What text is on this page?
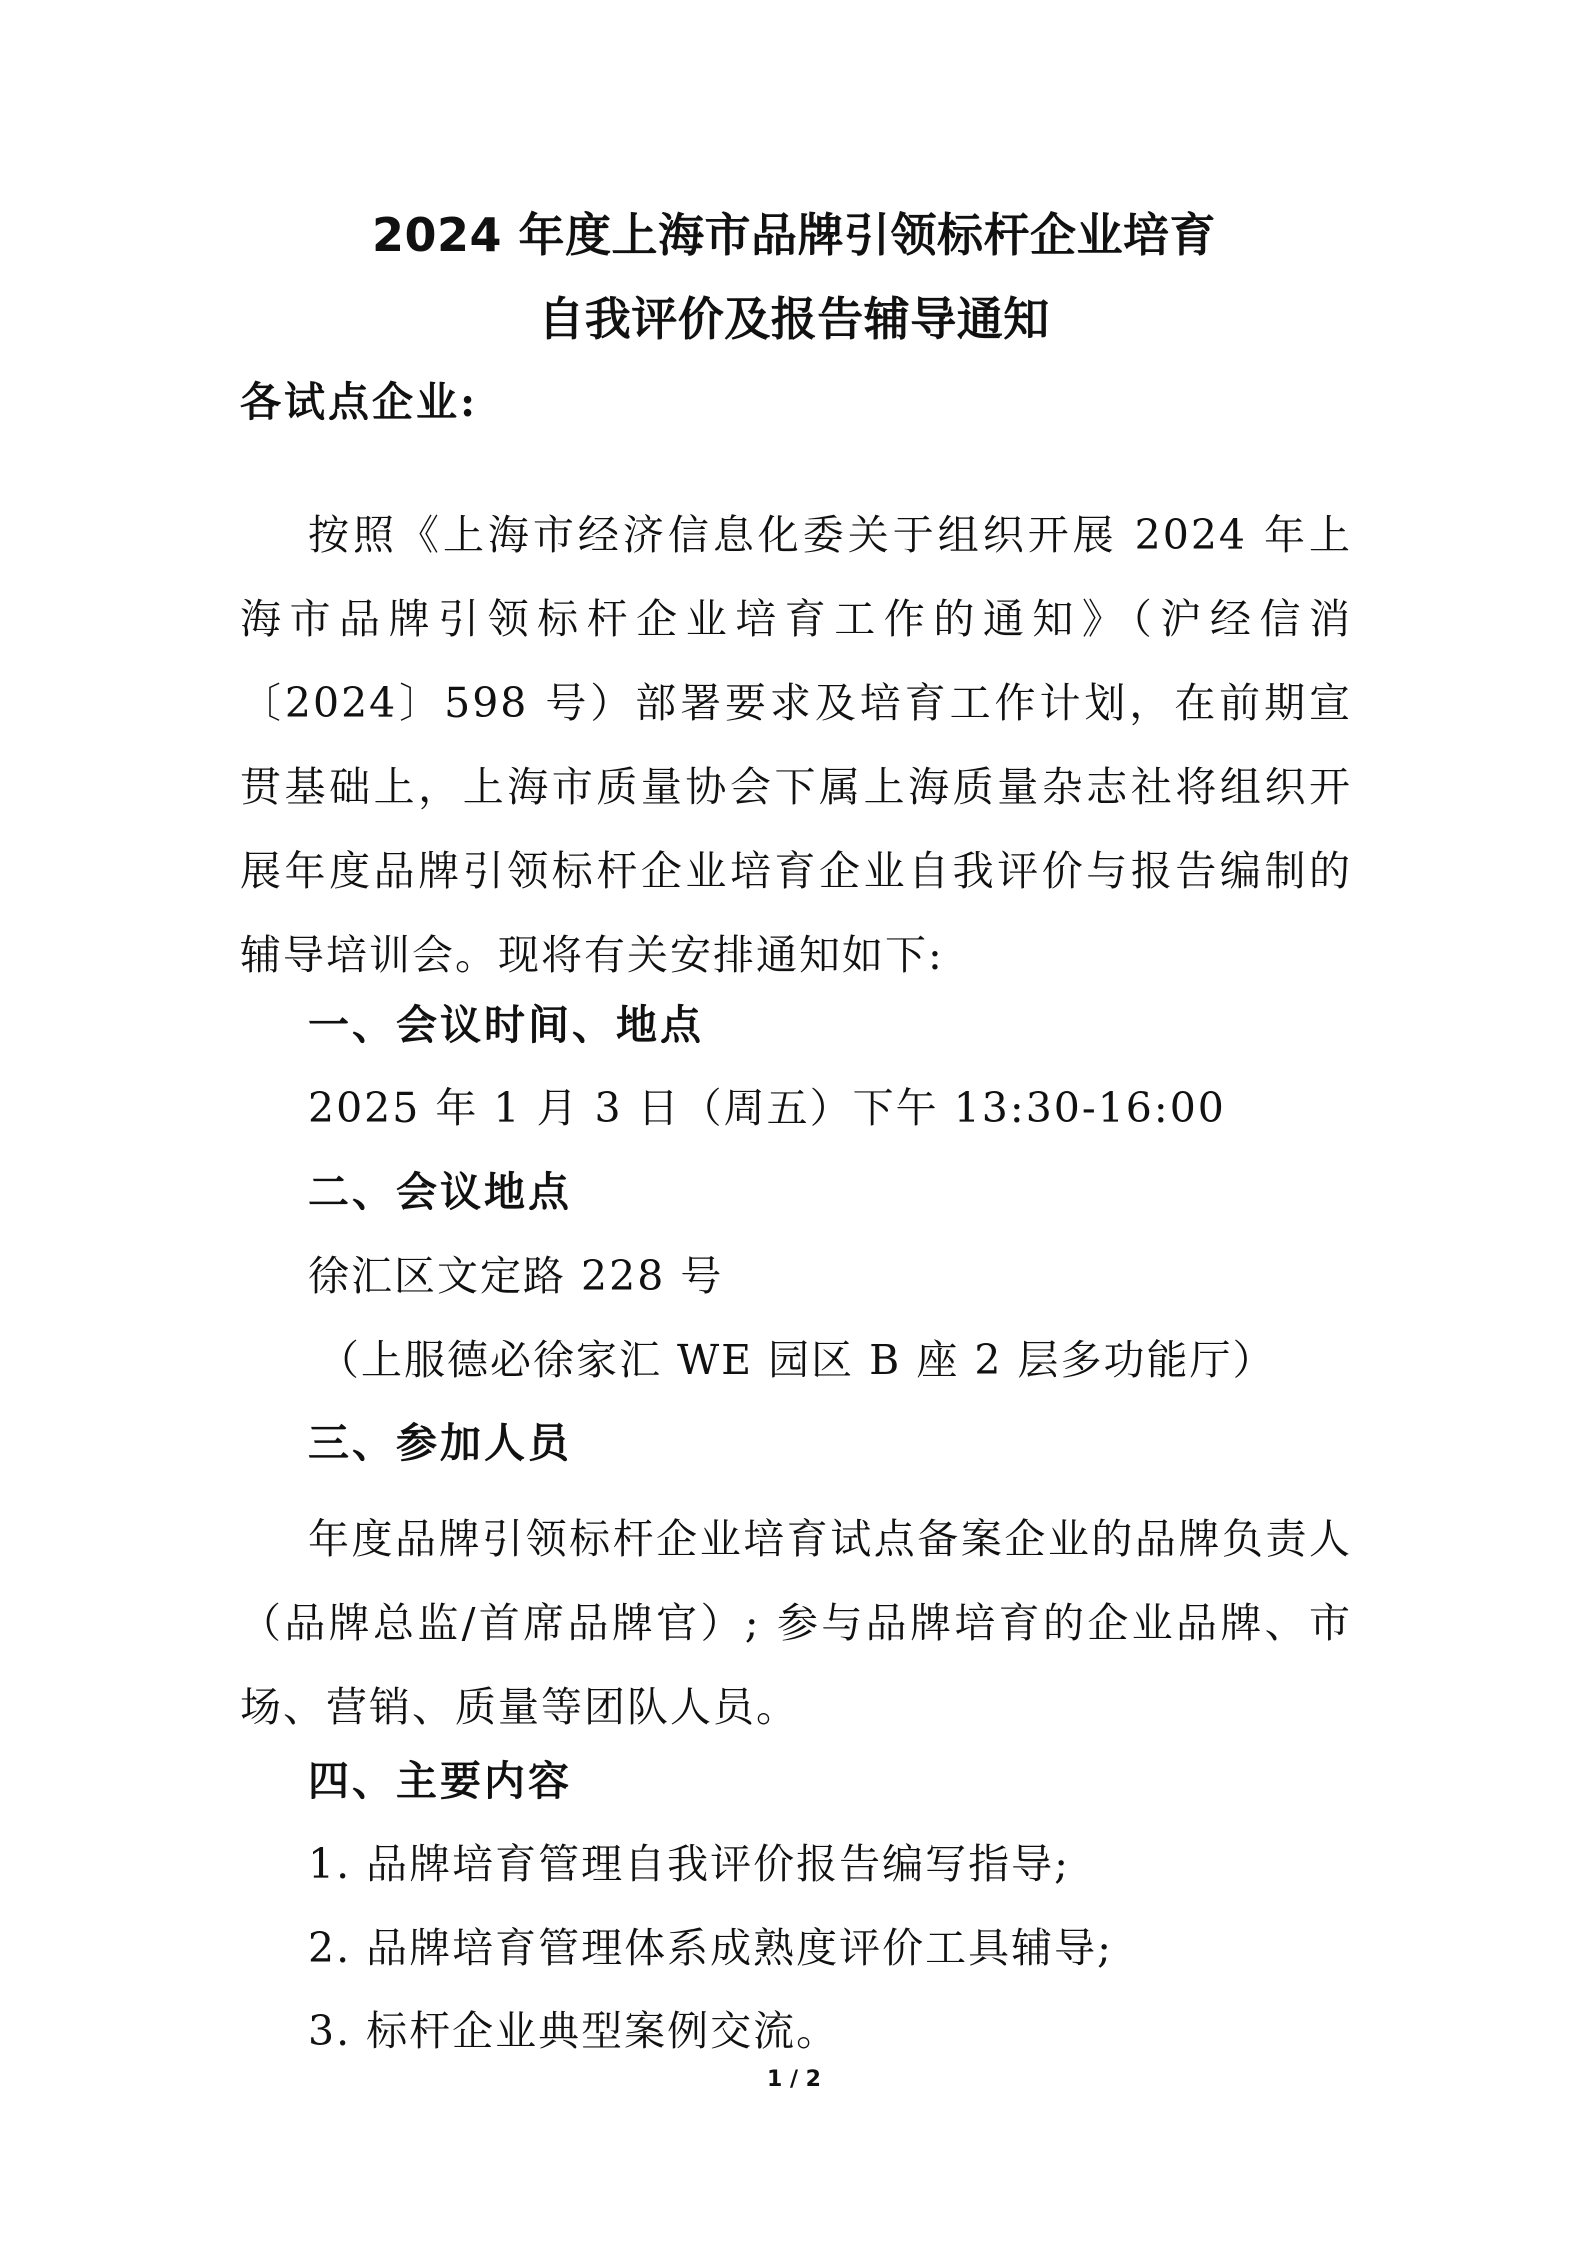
2024 年度上海市品牌引领标杆企业培育
自我评价及报告辅导通知

各试点企业:

按照《上海市经济信息化委关于组织开展 2024 年上海市品牌引领标杆企业培育工作的通知》（沪经信消〔2024〕598 号）部署要求及培育工作计划，在前期宣贯基础上，上海市质量协会下属上海质量杂志社将组织开展年度品牌引领标杆企业培育企业自我评价与报告编制的辅导培训会。现将有关安排通知如下:

一、会议时间、地点

2025 年 1 月 3 日（周五）下午 13:30-16:00

二、会议地点

徐汇区文定路 228 号

（上服德必徐家汇 WE 园区 B 座 2 层多功能厅）

三、参加人员

年度品牌引领标杆企业培育试点备案企业的品牌负责人（品牌总监/首席品牌官）; 参与品牌培育的企业品牌、市场、营销、质量等团队人员。

四、主要内容

1. 品牌培育管理自我评价报告编写指导;

2. 品牌培育管理体系成熟度评价工具辅导;

3. 标杆企业典型案例交流。

1 / 2
